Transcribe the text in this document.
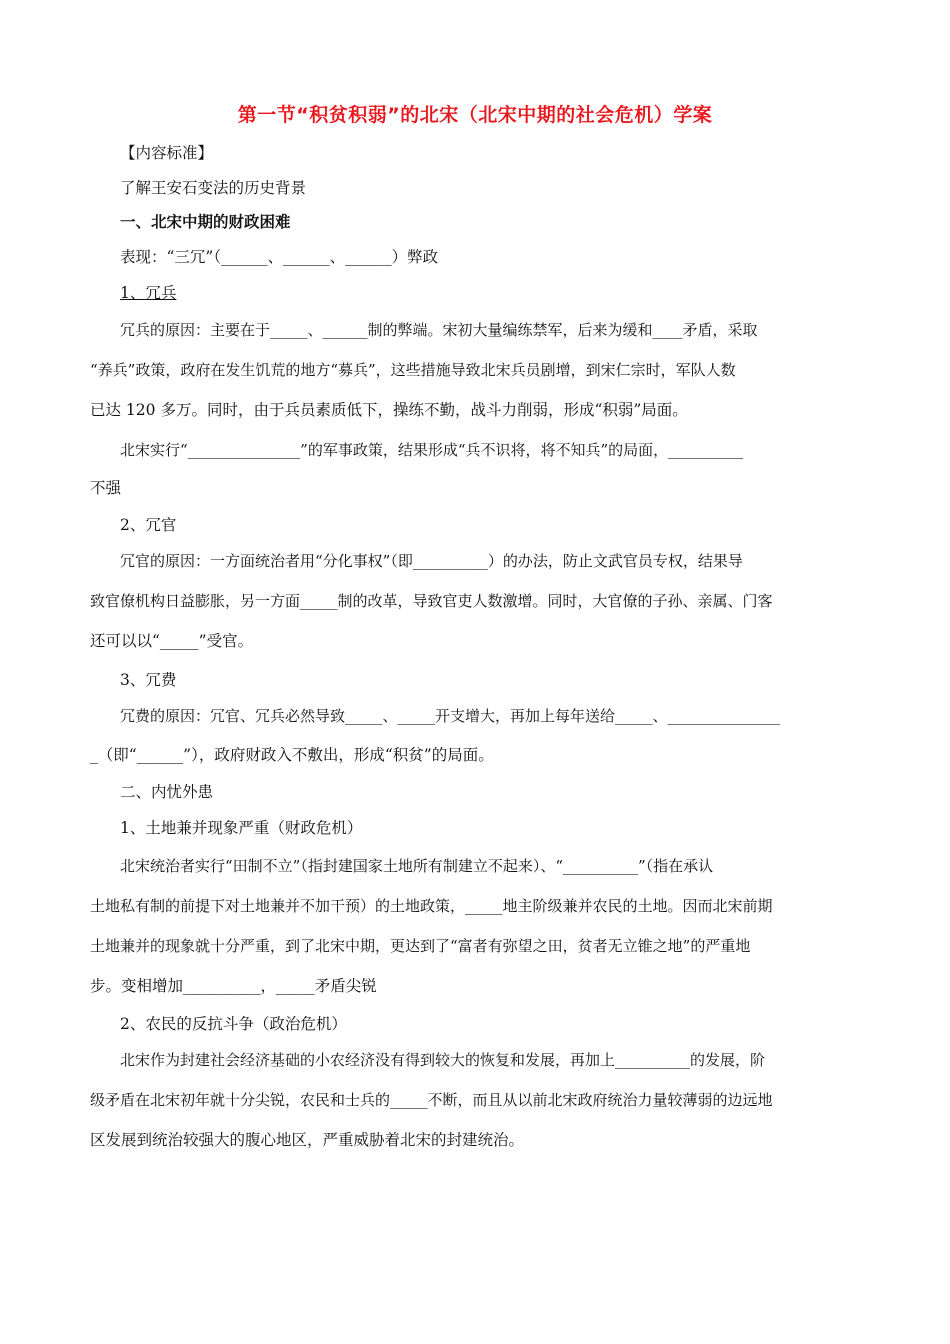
第一节“积贫积弱”的北宋（北宋中期的社会危机）学案
【内容标准】
了解王安石变法的历史背景
一、北宋中期的财政困难
表现：“三冗”（______、______、______）弊政
1、冗兵
冗兵的原因：主要在于_____、______制的弊端。宋初大量编练禁军，后来为缓和____矛盾，采取
“养兵”政策，政府在发生饥荒的地方“募兵”，这些措施导致北宋兵员剧增，到宋仁宗时，军队人数
已达 120 多万。同时，由于兵员素质低下，操练不勤，战斗力削弱，形成“积弱”局面。
北宋实行“_______________”的军事政策，结果形成“兵不识将，将不知兵”的局面，__________
不强
2、冗官
冗官的原因：一方面统治者用“分化事权”（即__________）的办法，防止文武官员专权，结果导
致官僚机构日益膨胀，另一方面_____制的改革，导致官吏人数激增。同时，大官僚的子孙、亲属、门客
还可以以“_____”受官。
3、冗费
冗费的原因：冗官、冗兵必然导致_____、_____开支增大，再加上每年送给_____、_______________
_（即“______”），政府财政入不敷出，形成“积贫”的局面。
二、内忧外患
1、土地兼并现象严重（财政危机）
北宋统治者实行“田制不立”（指封建国家土地所有制建立不起来）、“__________”（指在承认
土地私有制的前提下对土地兼并不加干预）的土地政策，_____地主阶级兼并农民的土地。因而北宋前期
土地兼并的现象就十分严重，到了北宋中期，更达到了“富者有弥望之田，贫者无立锥之地”的严重地
步。变相增加__________，_____矛盾尖锐
2、农民的反抗斗争（政治危机）
北宋作为封建社会经济基础的小农经济没有得到较大的恢复和发展，再加上__________的发展，阶
级矛盾在北宋初年就十分尖锐，农民和士兵的_____不断，而且从以前北宋政府统治力量较薄弱的边远地
区发展到统治较强大的腹心地区，严重威胁着北宋的封建统治。
